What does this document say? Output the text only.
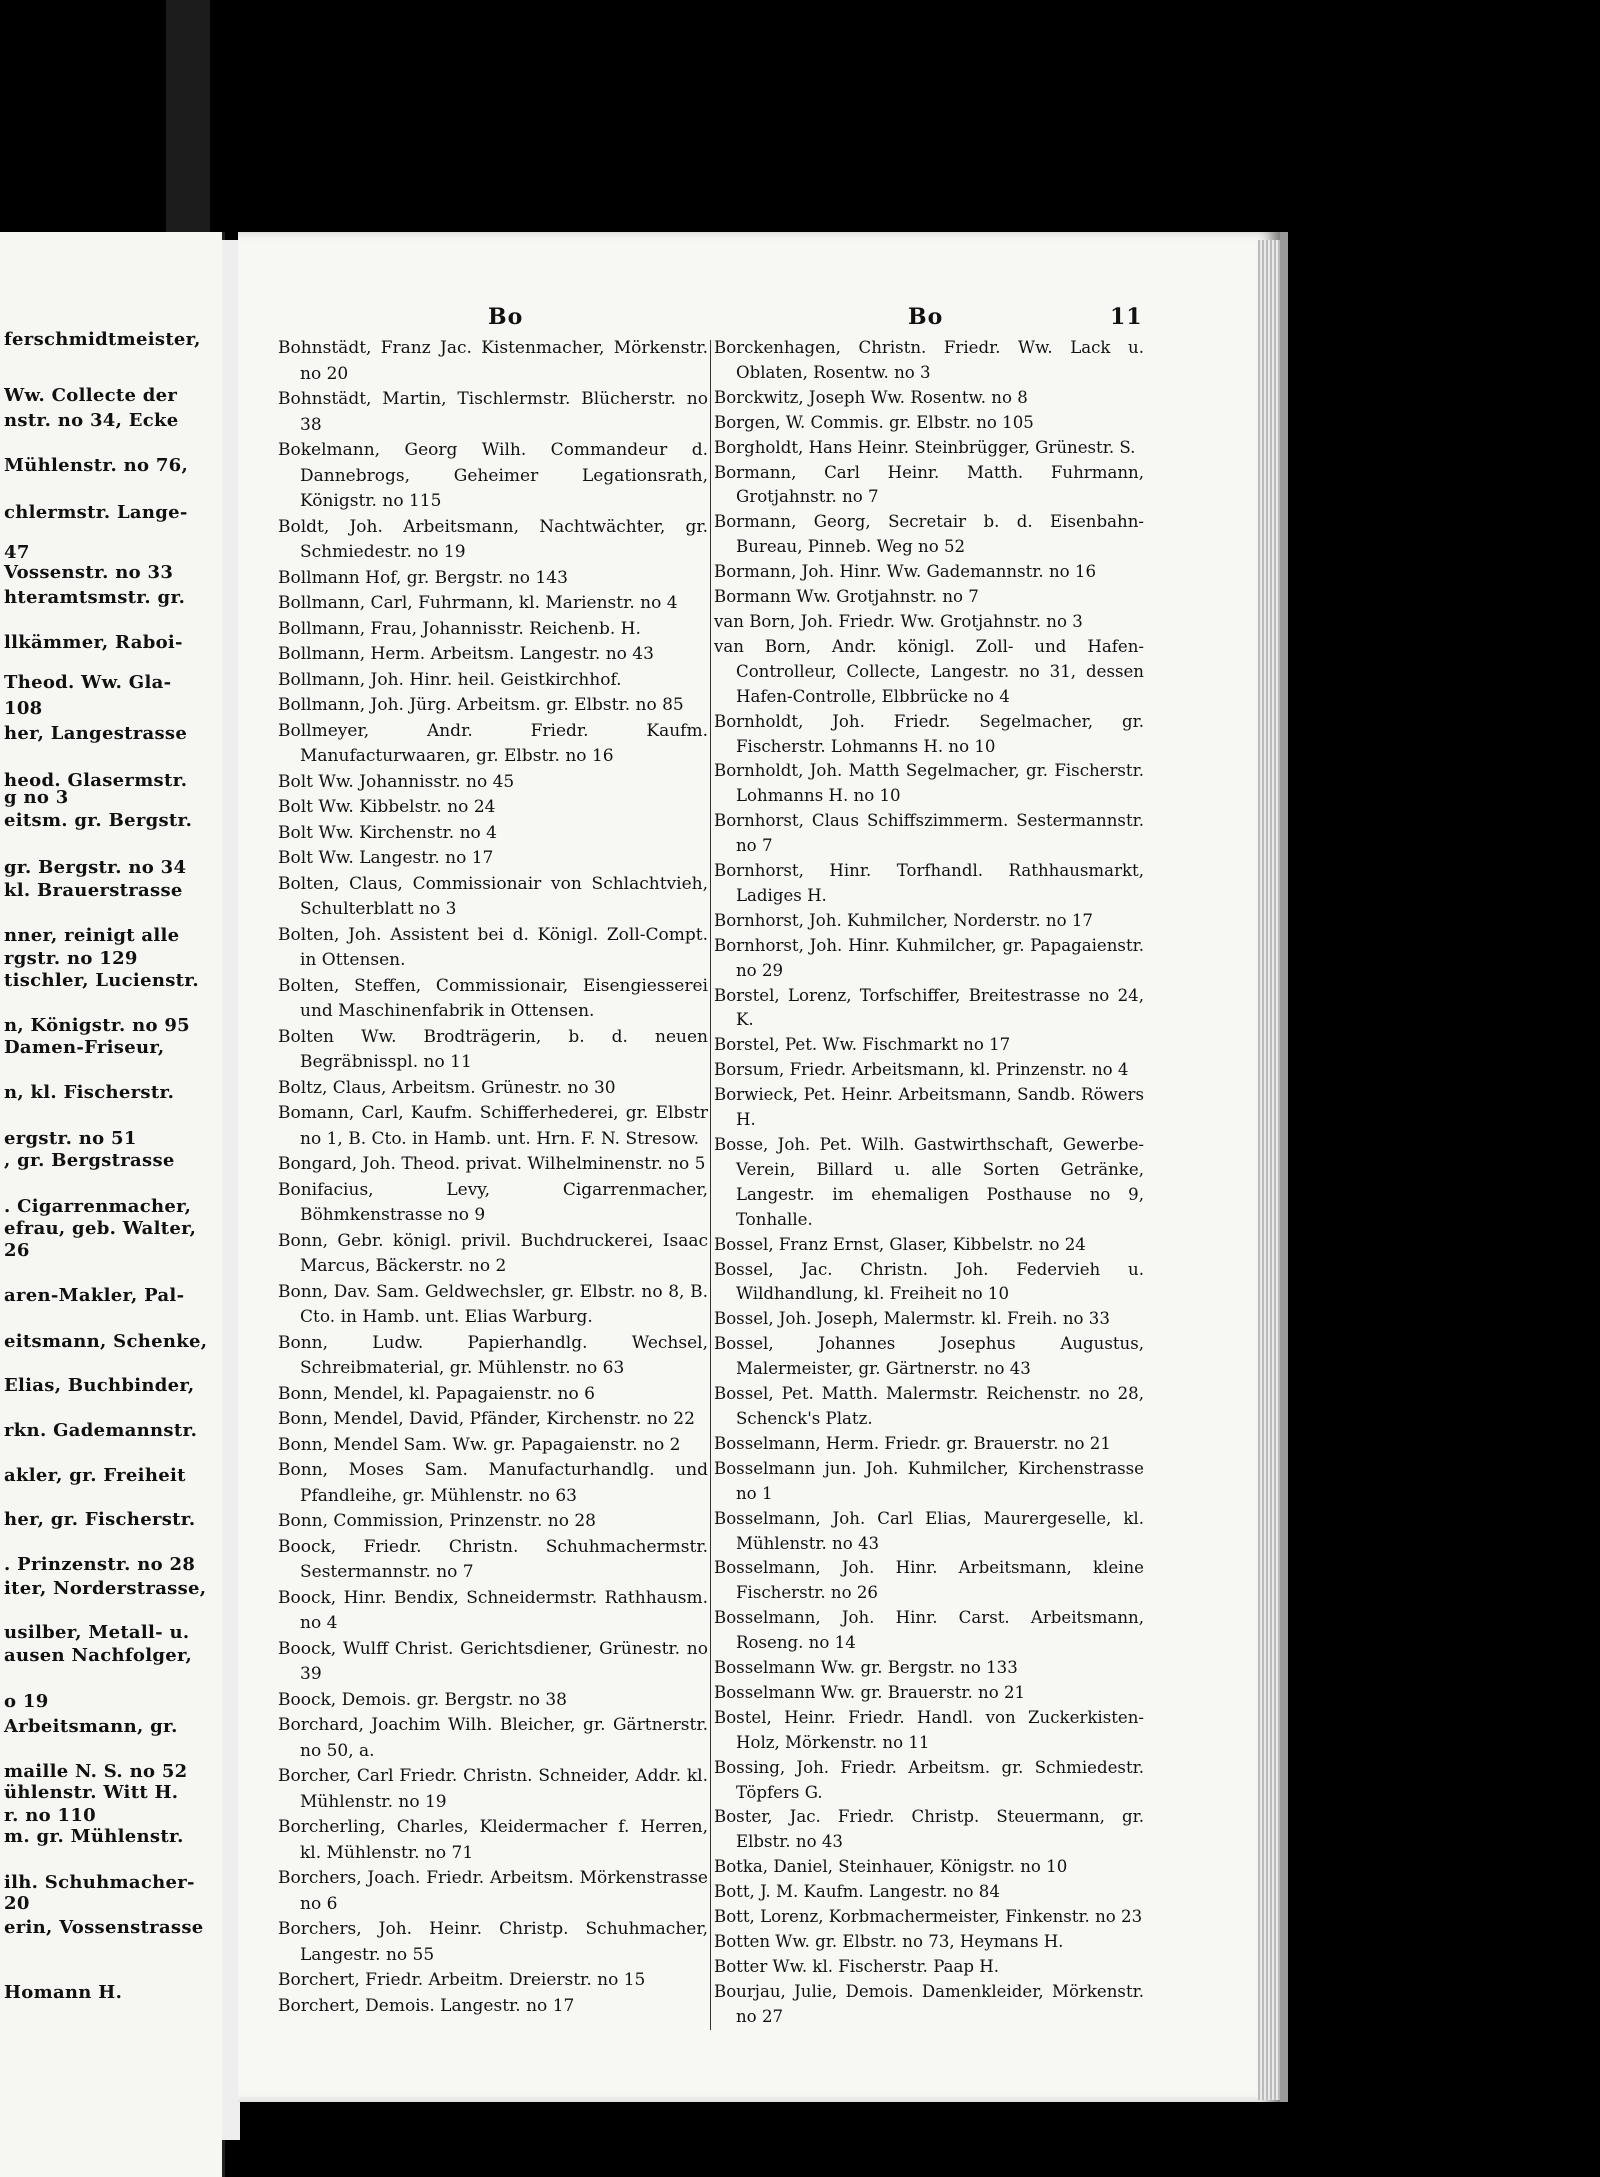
ferschmidtmeister,
Ww. Collecte der
nstr. no 34, Ecke
Mühlenstr. no 76,
chlermstr. Lange-
47
Vossenstr. no 33
hteramtsmstr. gr.
llkämmer, Raboi-
Theod. Ww. Gla-
108
her, Langestrasse
heod. Glasermstr.
g no 3
eitsm. gr. Bergstr.
gr. Bergstr. no 34
kl. Brauerstrasse
nner, reinigt alle
rgstr. no 129
tischler, Lucienstr.
n, Königstr. no 95
Damen-Friseur,
n, kl. Fischerstr.
ergstr. no 51
, gr. Bergstrasse
. Cigarrenmacher,
efrau, geb. Walter,
26
aren-Makler, Pal-
eitsmann, Schenke,
Elias, Buchbinder,
rkn. Gademannstr.
akler, gr. Freiheit
her, gr. Fischerstr.
. Prinzenstr. no 28
iter, Norderstrasse,
usilber, Metall- u.
ausen Nachfolger,
o 19
Arbeitsmann, gr.
maille N. S. no 52
ühlenstr. Witt H.
r. no 110
m. gr. Mühlenstr.
ilh. Schuhmacher-
20
erin, Vossenstrasse
Homann H.
Bo	Bo	11
Bohnstädt, Franz Jac. Kistenmacher, Mörkenstr. no 20
Bohnstädt, Martin, Tischlermstr. Blücherstr. no 38
Bokelmann, Georg Wilh. Commandeur d. Dannebrogs, Geheimer Legationsrath, Königstr. no 115
Boldt, Joh. Arbeitsmann, Nachtwächter, gr. Schmiedestr. no 19
Bollmann Hof, gr. Bergstr. no 143
Bollmann, Carl, Fuhrmann, kl. Marienstr. no 4
Bollmann, Frau, Johannisstr. Reichenb. H.
Bollmann, Herm. Arbeitsm. Langestr. no 43
Bollmann, Joh. Hinr. heil. Geistkirchhof.
Bollmann, Joh. Jürg. Arbeitsm. gr. Elbstr. no 85
Bollmeyer, Andr. Friedr. Kaufm. Manufacturwaaren, gr. Elbstr. no 16
Bolt Ww. Johannisstr. no 45
Bolt Ww. Kibbelstr. no 24
Bolt Ww. Kirchenstr. no 4
Bolt Ww. Langestr. no 17
Bolten, Claus, Commissionair von Schlachtvieh, Schulterblatt no 3
Bolten, Joh. Assistent bei d. Königl. Zoll-Compt. in Ottensen.
Bolten, Steffen, Commissionair, Eisengiesserei und Maschinenfabrik in Ottensen.
Bolten Ww. Brodträgerin, b. d. neuen Begräbnisspl. no 11
Boltz, Claus, Arbeitsm. Grünestr. no 30
Bomann, Carl, Kaufm. Schifferhederei, gr. Elbstr no 1, B. Cto. in Hamb. unt. Hrn. F. N. Stresow.
Bongard, Joh. Theod. privat. Wilhelminenstr. no 5
Bonifacius, Levy, Cigarrenmacher, Böhmkenstrasse no 9
Bonn, Gebr. königl. privil. Buchdruckerei, Isaac Marcus, Bäckerstr. no 2
Bonn, Dav. Sam. Geldwechsler, gr. Elbstr. no 8, B. Cto. in Hamb. unt. Elias Warburg.
Bonn, Ludw. Papierhandlg. Wechsel, Schreibmaterial, gr. Mühlenstr. no 63
Bonn, Mendel, kl. Papagaienstr. no 6
Bonn, Mendel, David, Pfänder, Kirchenstr. no 22
Bonn, Mendel Sam. Ww. gr. Papagaienstr. no 2
Bonn, Moses Sam. Manufacturhandlg. und Pfandleihe, gr. Mühlenstr. no 63
Bonn, Commission, Prinzenstr. no 28
Boock, Friedr. Christn. Schuhmachermstr. Sestermannstr. no 7
Boock, Hinr. Bendix, Schneidermstr. Rathhausm. no 4
Boock, Wulff Christ. Gerichtsdiener, Grünestr. no 39
Boock, Demois. gr. Bergstr. no 38
Borchard, Joachim Wilh. Bleicher, gr. Gärtnerstr. no 50, a.
Borcher, Carl Friedr. Christn. Schneider, Addr. kl. Mühlenstr. no 19
Borcherling, Charles, Kleidermacher f. Herren, kl. Mühlenstr. no 71
Borchers, Joach. Friedr. Arbeitsm. Mörkenstrasse no 6
Borchers, Joh. Heinr. Christp. Schuhmacher, Langestr. no 55
Borchert, Friedr. Arbeitm. Dreierstr. no 15
Borchert, Demois. Langestr. no 17
Borckenhagen, Christn. Friedr. Ww. Lack u. Oblaten, Rosentw. no 3
Borckwitz, Joseph Ww. Rosentw. no 8
Borgen, W. Commis. gr. Elbstr. no 105
Borgholdt, Hans Heinr. Steinbrügger, Grünestr. S.
Bormann, Carl Heinr. Matth. Fuhrmann, Grotjahnstr. no 7
Bormann, Georg, Secretair b. d. Eisenbahn-Bureau, Pinneb. Weg no 52
Bormann, Joh. Hinr. Ww. Gademannstr. no 16
Bormann Ww. Grotjahnstr. no 7
van Born, Joh. Friedr. Ww. Grotjahnstr. no 3
van Born, Andr. königl. Zoll- und Hafen-Controlleur, Collecte, Langestr. no 31, dessen Hafen-Controlle, Elbbrücke no 4
Bornholdt, Joh. Friedr. Segelmacher, gr. Fischerstr. Lohmanns H. no 10
Bornholdt, Joh. Matth Segelmacher, gr. Fischerstr. Lohmanns H. no 10
Bornhorst, Claus Schiffszimmerm. Sestermannstr. no 7
Bornhorst, Hinr. Torfhandl. Rathhausmarkt, Ladiges H.
Bornhorst, Joh. Kuhmilcher, Norderstr. no 17
Bornhorst, Joh. Hinr. Kuhmilcher, gr. Papagaienstr. no 29
Borstel, Lorenz, Torfschiffer, Breitestrasse no 24, K.
Borstel, Pet. Ww. Fischmarkt no 17
Borsum, Friedr. Arbeitsmann, kl. Prinzenstr. no 4
Borwieck, Pet. Heinr. Arbeitsmann, Sandb. Röwers H.
Bosse, Joh. Pet. Wilh. Gastwirthschaft, Gewerbe-Verein, Billard u. alle Sorten Getränke, Langestr. im ehemaligen Posthause no 9, Tonhalle.
Bossel, Franz Ernst, Glaser, Kibbelstr. no 24
Bossel, Jac. Christn. Joh. Federvieh u. Wildhandlung, kl. Freiheit no 10
Bossel, Joh. Joseph, Malermstr. kl. Freih. no 33
Bossel, Johannes Josephus Augustus, Malermeister, gr. Gärtnerstr. no 43
Bossel, Pet. Matth. Malermstr. Reichenstr. no 28, Schenck's Platz.
Bosselmann, Herm. Friedr. gr. Brauerstr. no 21
Bosselmann jun. Joh. Kuhmilcher, Kirchenstrasse no 1
Bosselmann, Joh. Carl Elias, Maurergeselle, kl. Mühlenstr. no 43
Bosselmann, Joh. Hinr. Arbeitsmann, kleine Fischerstr. no 26
Bosselmann, Joh. Hinr. Carst. Arbeitsmann, Roseng. no 14
Bosselmann Ww. gr. Bergstr. no 133
Bosselmann Ww. gr. Brauerstr. no 21
Bostel, Heinr. Friedr. Handl. von Zuckerkisten-Holz, Mörkenstr. no 11
Bossing, Joh. Friedr. Arbeitsm. gr. Schmiedestr. Töpfers G.
Boster, Jac. Friedr. Christp. Steuermann, gr. Elbstr. no 43
Botka, Daniel, Steinhauer, Königstr. no 10
Bott, J. M. Kaufm. Langestr. no 84
Bott, Lorenz, Korbmachermeister, Finkenstr. no 23
Botten Ww. gr. Elbstr. no 73, Heymans H.
Botter Ww. kl. Fischerstr. Paap H.
Bourjau, Julie, Demois. Damenkleider, Mörkenstr. no 27
